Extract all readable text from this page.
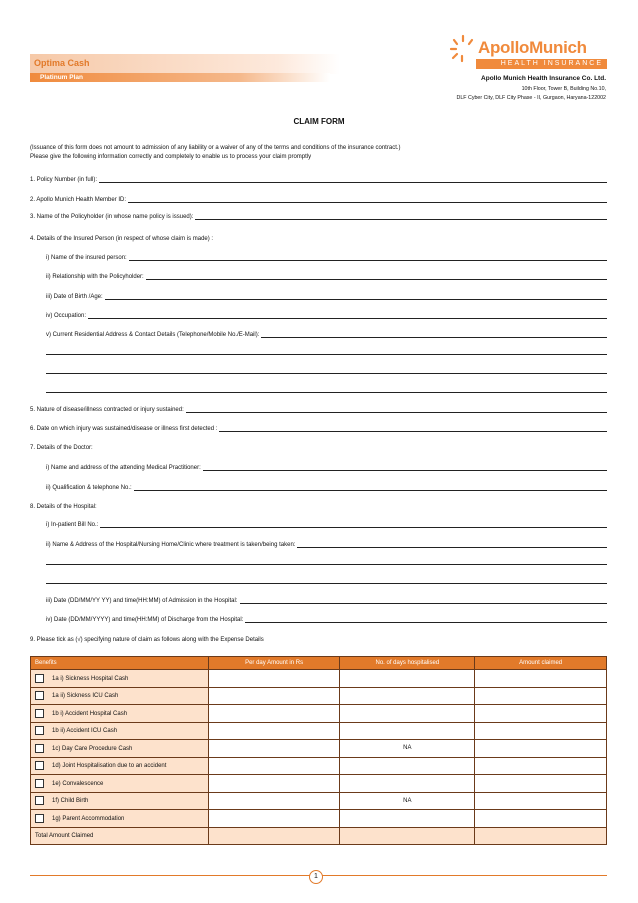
Optima Cash
Platinum Plan
ApolloMunich
HEALTH INSURANCE
Apollo Munich Health Insurance Co. Ltd.
10th Floor, Tower B, Building No.10,
DLF Cyber City, DLF City Phase - II, Gurgaon, Haryana-122002
CLAIM FORM
(Issuance of this form does not amount to admission of any liability or a waiver of any of the terms and conditions of the insurance contract.)
Please give the following information correctly and completely to enable us to process your claim promptly
1. Policy Number (in full):
2. Apollo Munich Health Member ID:
3. Name of the Policyholder (in whose name policy is issued):
4. Details of the Insured Person (in respect of whose claim is made) :
i) Name of the insured person:
ii) Relationship with the Policyholder:
iii) Date of Birth /Age:
iv) Occupation:
v) Current Residential Address & Contact Details (Telephone/Mobile No./E-Mail):
5. Nature of disease/illness contracted or injury sustained:
6. Date on which injury was sustained/disease or illness first detected :
7. Details of the Doctor:
i) Name and address of the attending Medical Practitioner:
ii) Qualification & telephone No.:
8. Details of the Hospital:
i) In-patient Bill No.:
ii) Name & Address of the Hospital/Nursing Home/Clinic where treatment is taken/being taken:
iii) Date (DD/MM/YY YY) and time(HH:MM) of Admission in the Hospital:
iv) Date (DD/MM/YYYY) and time(HH:MM) of Discharge from the Hospital:
9. Please tick as (√) specifying nature of claim as follows along with the Expense Details
Benefits	Per day Amount in Rs	No. of days hospitalised	Amount claimed
1a i) Sickness Hospital Cash			
1a ii) Sickness ICU Cash			
1b i) Accident Hospital Cash			
1b ii) Accident ICU Cash			
1c) Day Care Procedure Cash		NA	
1d) Joint Hospitalisation due to an accident			
1e) Convalescence			
1f) Child Birth		NA	
1g) Parent Accommodation			
Total Amount Claimed			
1
